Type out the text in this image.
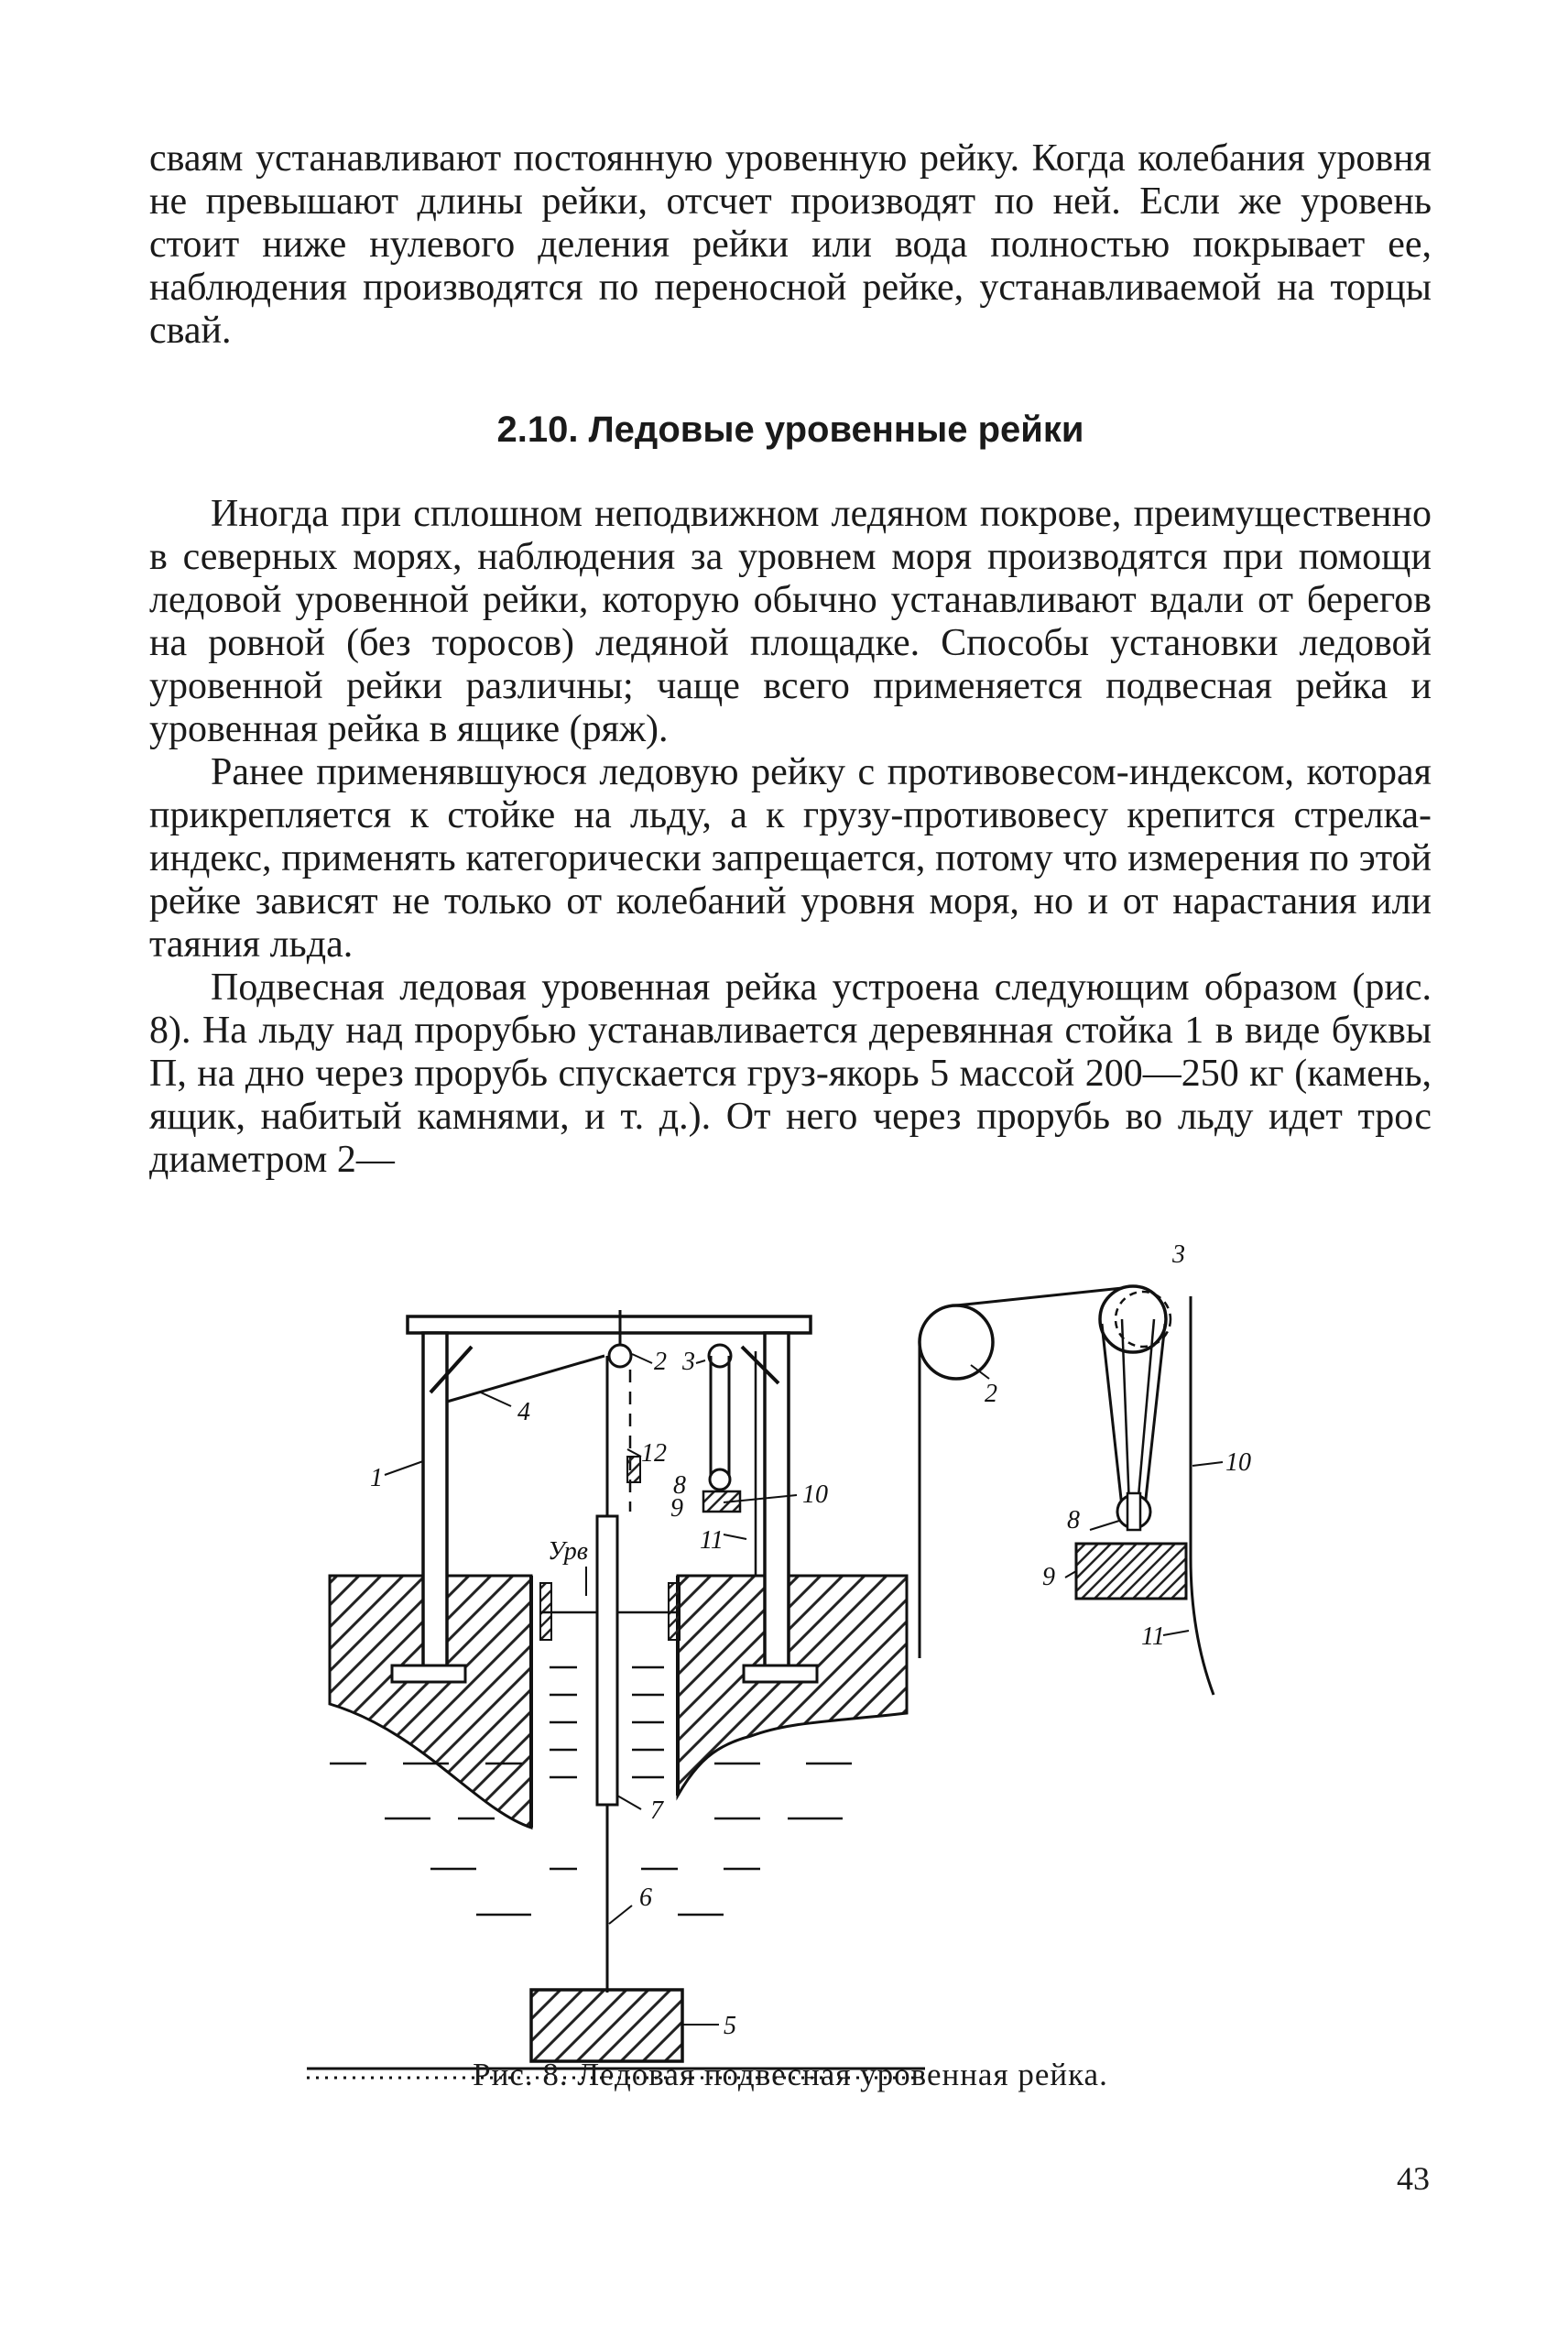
сваям устанавливают постоянную уровенную рейку. Когда колебания уровня не превышают длины рейки, отсчет производят по ней. Если же уровень стоит ниже нулевого деления рейки или вода полностью покрывает ее, наблюдения производятся по переносной рейке, устанавливаемой на торцы свай.

2.10. Ледовые уровенные рейки

Иногда при сплошном неподвижном ледяном покрове, преимущественно в северных морях, наблюдения за уровнем моря производятся при помощи ледовой уровенной рейки, которую обычно устанавливают вдали от берегов на ровной (без торосов) ледяной площадке. Способы установки ледовой уровенной рейки различны; чаще всего применяется подвесная рейка и уровенная рейка в ящике (ряж).

Ранее применявшуюся ледовую рейку с противовесом-индексом, которая прикрепляется к стойке на льду, а к грузу-противовесу крепится стрелка-индекс, применять категорически запрещается, потому что измерения по этой рейке зависят не только от колебаний уровня моря, но и от нарастания или таяния льда.

Подвесная ледовая уровенная рейка устроена следующим образом (рис. 8). На льду над прорубью устанавливается деревянная стойка 1 в виде буквы П, на дно через прорубь спускается груз-якорь 5 массой 200—250 кг (камень, ящик, набитый камнями, и т. д.). От него через прорубь во льду идет трос диаметром 2—

1
4
2 3
12
8	10
9
11
Урв
7
6
5
3
2
10
8
9
11
Рис. 8. Ледовая подвесная уровенная рейка.
43
